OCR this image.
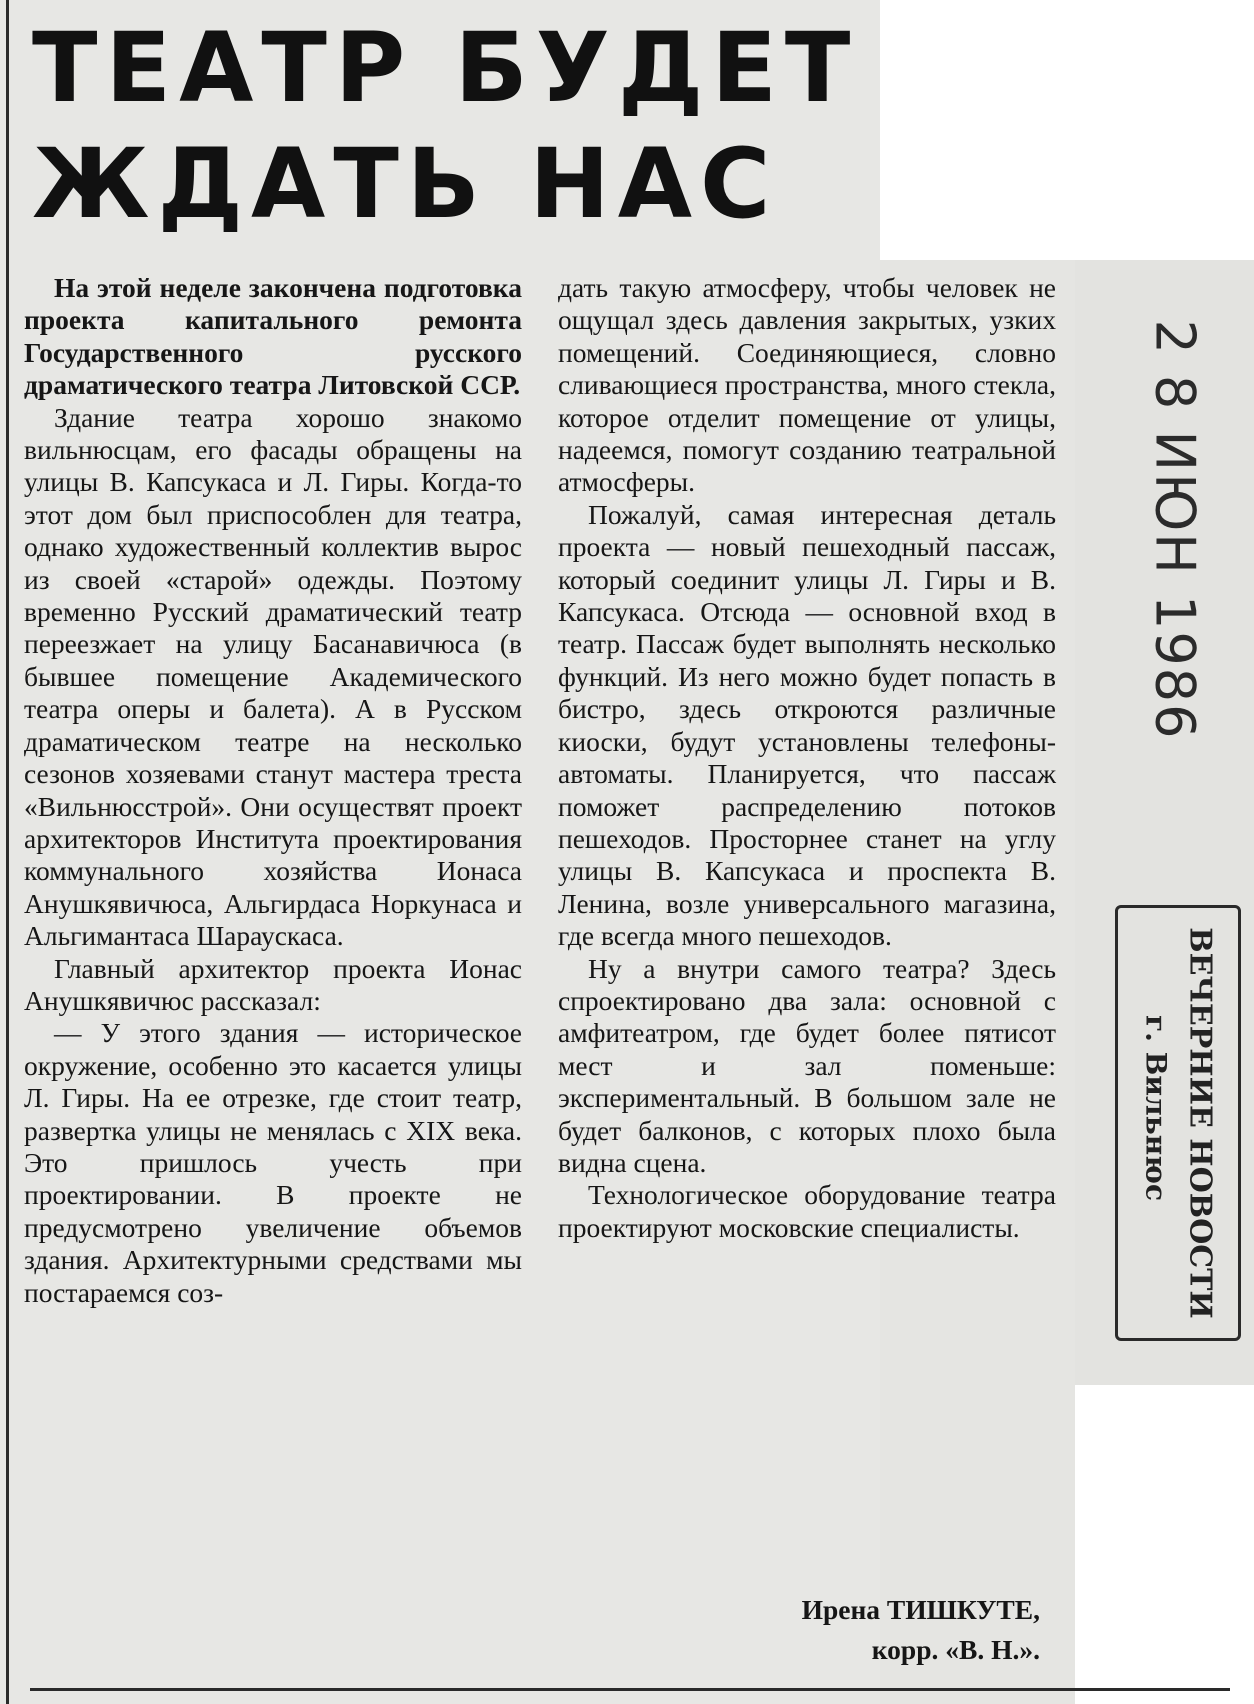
ТЕАТР БУДЕТ
ЖДАТЬ НАС

На этой неделе закончена подготовка проекта капитального ремонта Государственного русского драматического театра Литовской ССР.

Здание театра хорошо знакомо вильнюсцам, его фасады обращены на улицы В. Капсукаса и Л. Гиры. Когда-то этот дом был приспособлен для театра, однако художественный коллектив вырос из своей «старой» одежды. Поэтому временно Русский драматический театр переезжает на улицу Басанавичюса (в бывшее помещение Академического театра оперы и балета). А в Русском драматическом театре на несколько сезонов хозяевами станут мастера треста «Вильнюсстрой». Они осуществят проект архитекторов Института проектирования коммунального хозяйства Ионаса Анушкявичюса, Альгирдаса Норкунаса и Альгимантаса Шараускаса.

Главный архитектор проекта Ионас Анушкявичюс рассказал:

— У этого здания — историческое окружение, особенно это касается улицы Л. Гиры. На ее отрезке, где стоит театр, развертка улицы не менялась с XIX века. Это пришлось учесть при проектировании. В проекте не предусмотрено увеличение объемов здания. Архитектурными средствами мы постараемся соз-

дать такую атмосферу, чтобы человек не ощущал здесь давления закрытых, узких помещений. Соединяющиеся, словно сливающиеся пространства, много стекла, которое отделит помещение от улицы, надеемся, помогут созданию театральной атмосферы.

Пожалуй, самая интересная деталь проекта — новый пешеходный пассаж, который соединит улицы Л. Гиры и В. Капсукаса. Отсюда — основной вход в театр. Пассаж будет выполнять несколько функций. Из него можно будет попасть в бистро, здесь откроются различные киоски, будут установлены телефоны-автоматы. Планируется, что пассаж поможет распределению потоков пешеходов. Просторнее станет на углу улицы В. Капсукаса и проспекта В. Ленина, возле универсального магазина, где всегда много пешеходов.

Ну а внутри самого театра? Здесь спроектировано два зала: основной с амфитеатром, где будет более пятисот мест и зал поменьше: экспериментальный. В большом зале не будет балконов, с которых плохо была видна сцена.

Технологическое оборудование театра проектируют московские специалисты.

Ирена ТИШКУТЕ,
корр. «В. Н.».
2 8 ИЮН 1986
ВЕЧЕРНИЕ НОВОСТИ
г. Вильнюс
